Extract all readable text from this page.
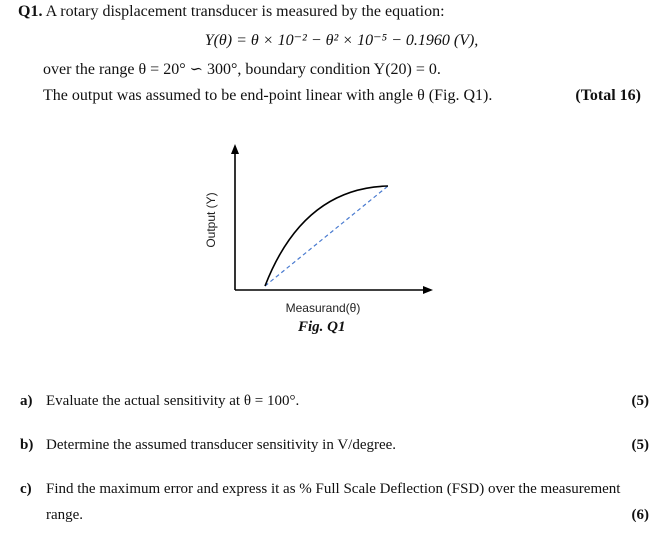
Q1. A rotary displacement transducer is measured by the equation:
Y(θ) = θ × 10⁻² − θ² × 10⁻⁵ − 0.1960 (V),
over the range θ = 20° ∽ 300°, boundary condition Y(20) = 0.
The output was assumed to be end-point linear with angle θ (Fig. Q1).	(Total 16)
Output (Y)
Measurand(θ)
Fig. Q1
a) Evaluate the actual sensitivity at θ = 100°.	(5)
b) Determine the assumed transducer sensitivity in V/degree.	(5)
c) Find the maximum error and express it as % Full Scale Deflection (FSD) over the measurement
range.	(6)
